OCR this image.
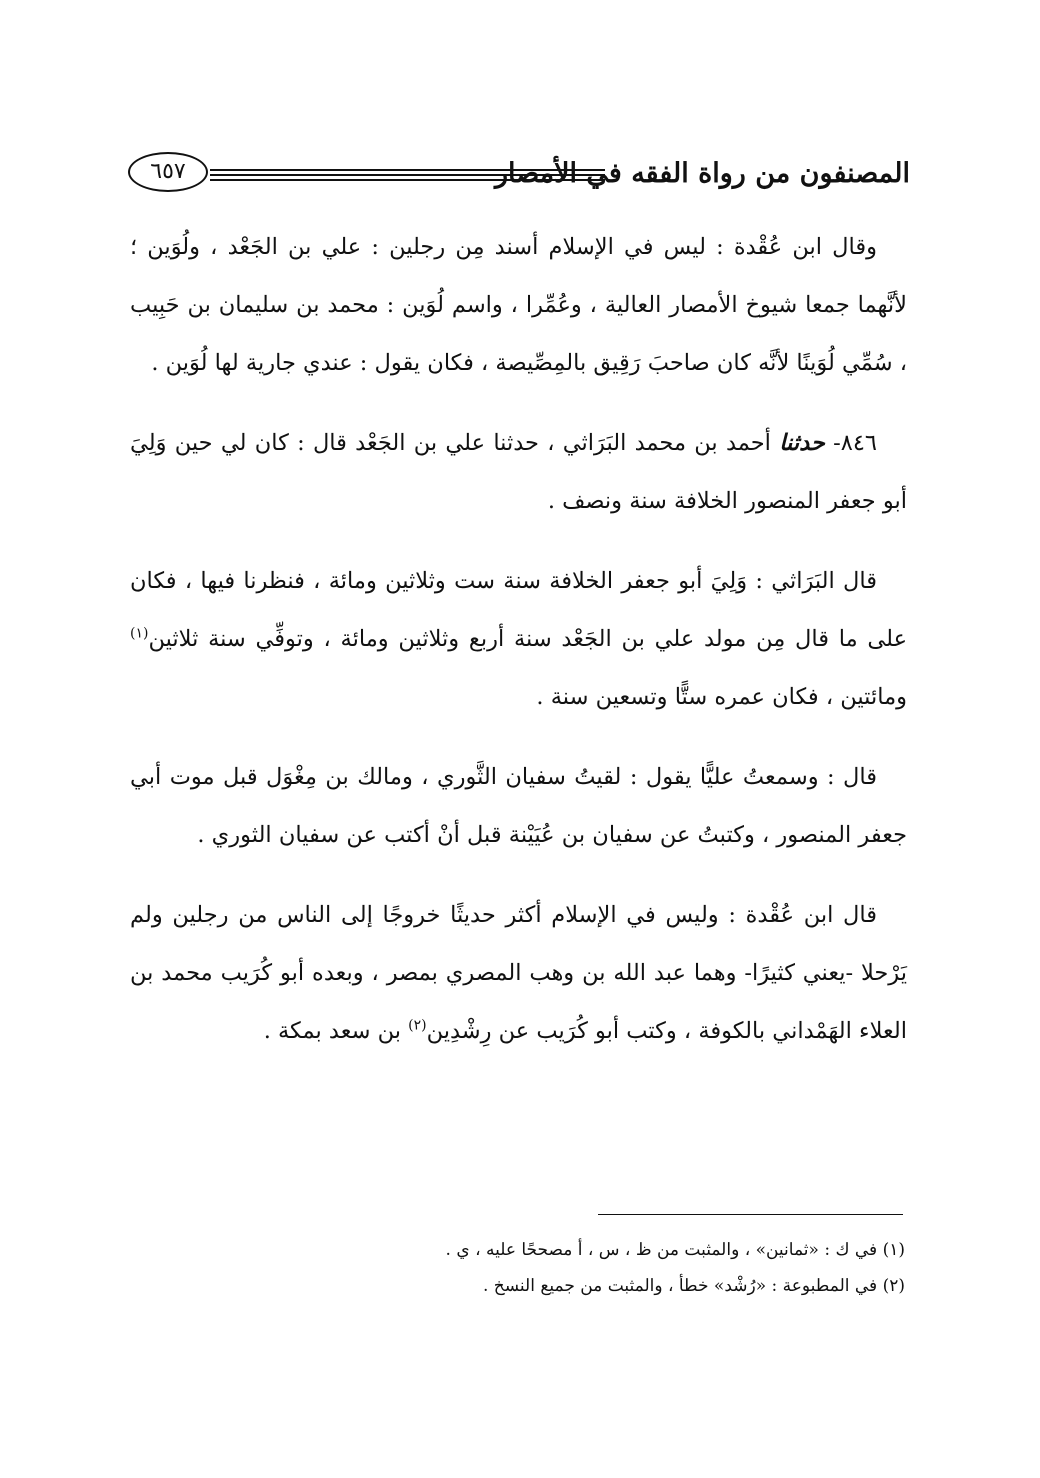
المصنفون من رواة الفقه في الأمصار
٦٥٧

وقال ابن عُقْدة : ليس في الإسلام أسند مِن رجلين : علي بن الجَعْد ، ولُوَين ؛ لأنَّهما جمعا شيوخ الأمصار العالية ، وعُمِّرا ، واسم لُوَين : محمد بن سليمان بن حَبِيب ، سُمِّي لُوَينًا لأنَّه كان صاحبَ رَقِيق بالمِصِّيصة ، فكان يقول : عندي جارية لها لُوَين .

٨٤٦- حدثنا أحمد بن محمد البَرَاثي ، حدثنا علي بن الجَعْد قال : كان لي حين وَلِيَ أبو جعفر المنصور الخلافة سنة ونصف .

قال البَرَاثي : وَلِيَ أبو جعفر الخلافة سنة ست وثلاثين ومائة ، فنظرنا فيها ، فكان على ما قال مِن مولد علي بن الجَعْد سنة أربع وثلاثين ومائة ، وتوفِّي سنة ثلاثين$^{(١)}$ ومائتين ، فكان عمره ستًّا وتسعين سنة .

قال : وسمعتُ عليًّا يقول : لقيتُ سفيان الثَّوري ، ومالك بن مِغْوَل قبل موت أبي جعفر المنصور ، وكتبتُ عن سفيان بن عُيَيْنة قبل أنْ أكتب عن سفيان الثوري .

قال ابن عُقْدة : وليس في الإسلام أكثر حديثًا خروجًا إلى الناس من رجلين ولم يَرْحلا -يعني كثيرًا- وهما عبد الله بن وهب المصري بمصر ، وبعده أبو كُرَيب محمد بن العلاء الهَمْداني بالكوفة ، وكتب أبو كُرَيب عن رِشْدِين$^{(٢)}$ بن سعد بمكة .

(١) في ك : «ثمانين» ، والمثبت من ظ ، س ، أ مصححًا عليه ، ي .

(٢) في المطبوعة : «رُشْد» خطأ ، والمثبت من جميع النسخ .
